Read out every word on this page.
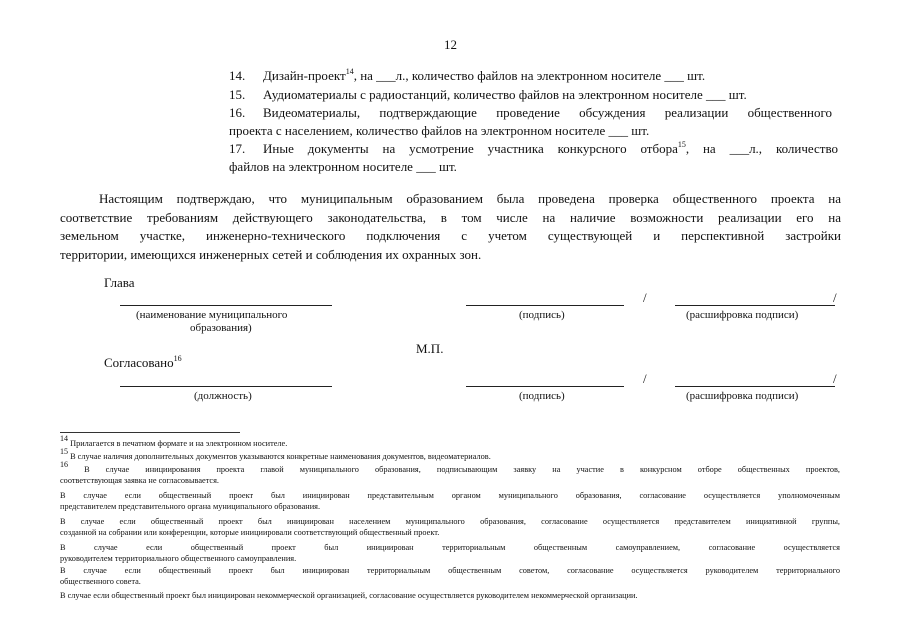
12
14. Дизайн-проект$^{14}$, на ___л., количество файлов на электронном носителе ___ шт.
15. Аудиоматериалы с радиостанций, количество файлов на электронном носителе ___ шт.
16. Видеоматериалы, подтверждающие проведение обсуждения реализации общественного
проекта с населением, количество файлов на электронном носителе ___ шт.
17. Иные документы на усмотрение участника конкурсного отбора$^{15}$, на ___л., количество
файлов на электронном носителе ___ шт.
Настоящим подтверждаю, что муниципальным образованием была проведена проверка общественного проекта на
соответствие требованиям действующего законодательства, в том числе на наличие возможности реализации его на
земельном участке, инженерно-технического подключения с учетом существующей и перспективной застройки
территории, имеющихся инженерных сетей и соблюдения их охранных зон.
Глава
/	/
(наименование муниципального
образования)
(подпись)	(расшифровка подписи)
М.П.
Согласовано$^{16}$
/	/
(должность)	(подпись)	(расшифровка подписи)
$^{14}$ Прилагается в печатном формате и на электронном носителе.
$^{15}$ В случае наличия дополнительных документов указываются конкретные наименования документов, видеоматериалов.
$^{16}$ В случае инициирования проекта главой муниципального образования, подписывающим заявку на участие в конкурсном отборе общественных проектов,
соответствующая заявка не согласовывается.
В случае если общественный проект был инициирован представительным органом муниципального образования, согласование осуществляется уполномоченным
представителем представительного органа муниципального образования.
В случае если общественный проект был инициирован населением муниципального образования, согласование осуществляется представителем инициативной группы,
созданной на собрании или конференции, которые инициировали соответствующий общественный проект.
В случае если общественный проект был инициирован территориальным общественным самоуправлением, согласование осуществляется
руководителем территориального общественного самоуправления.
В случае если общественный проект был инициирован территориальным общественным советом, согласование осуществляется руководителем территориального
общественного совета.
В случае если общественный проект был инициирован некоммерческой организацией, согласование осуществляется руководителем некоммерческой организации.
